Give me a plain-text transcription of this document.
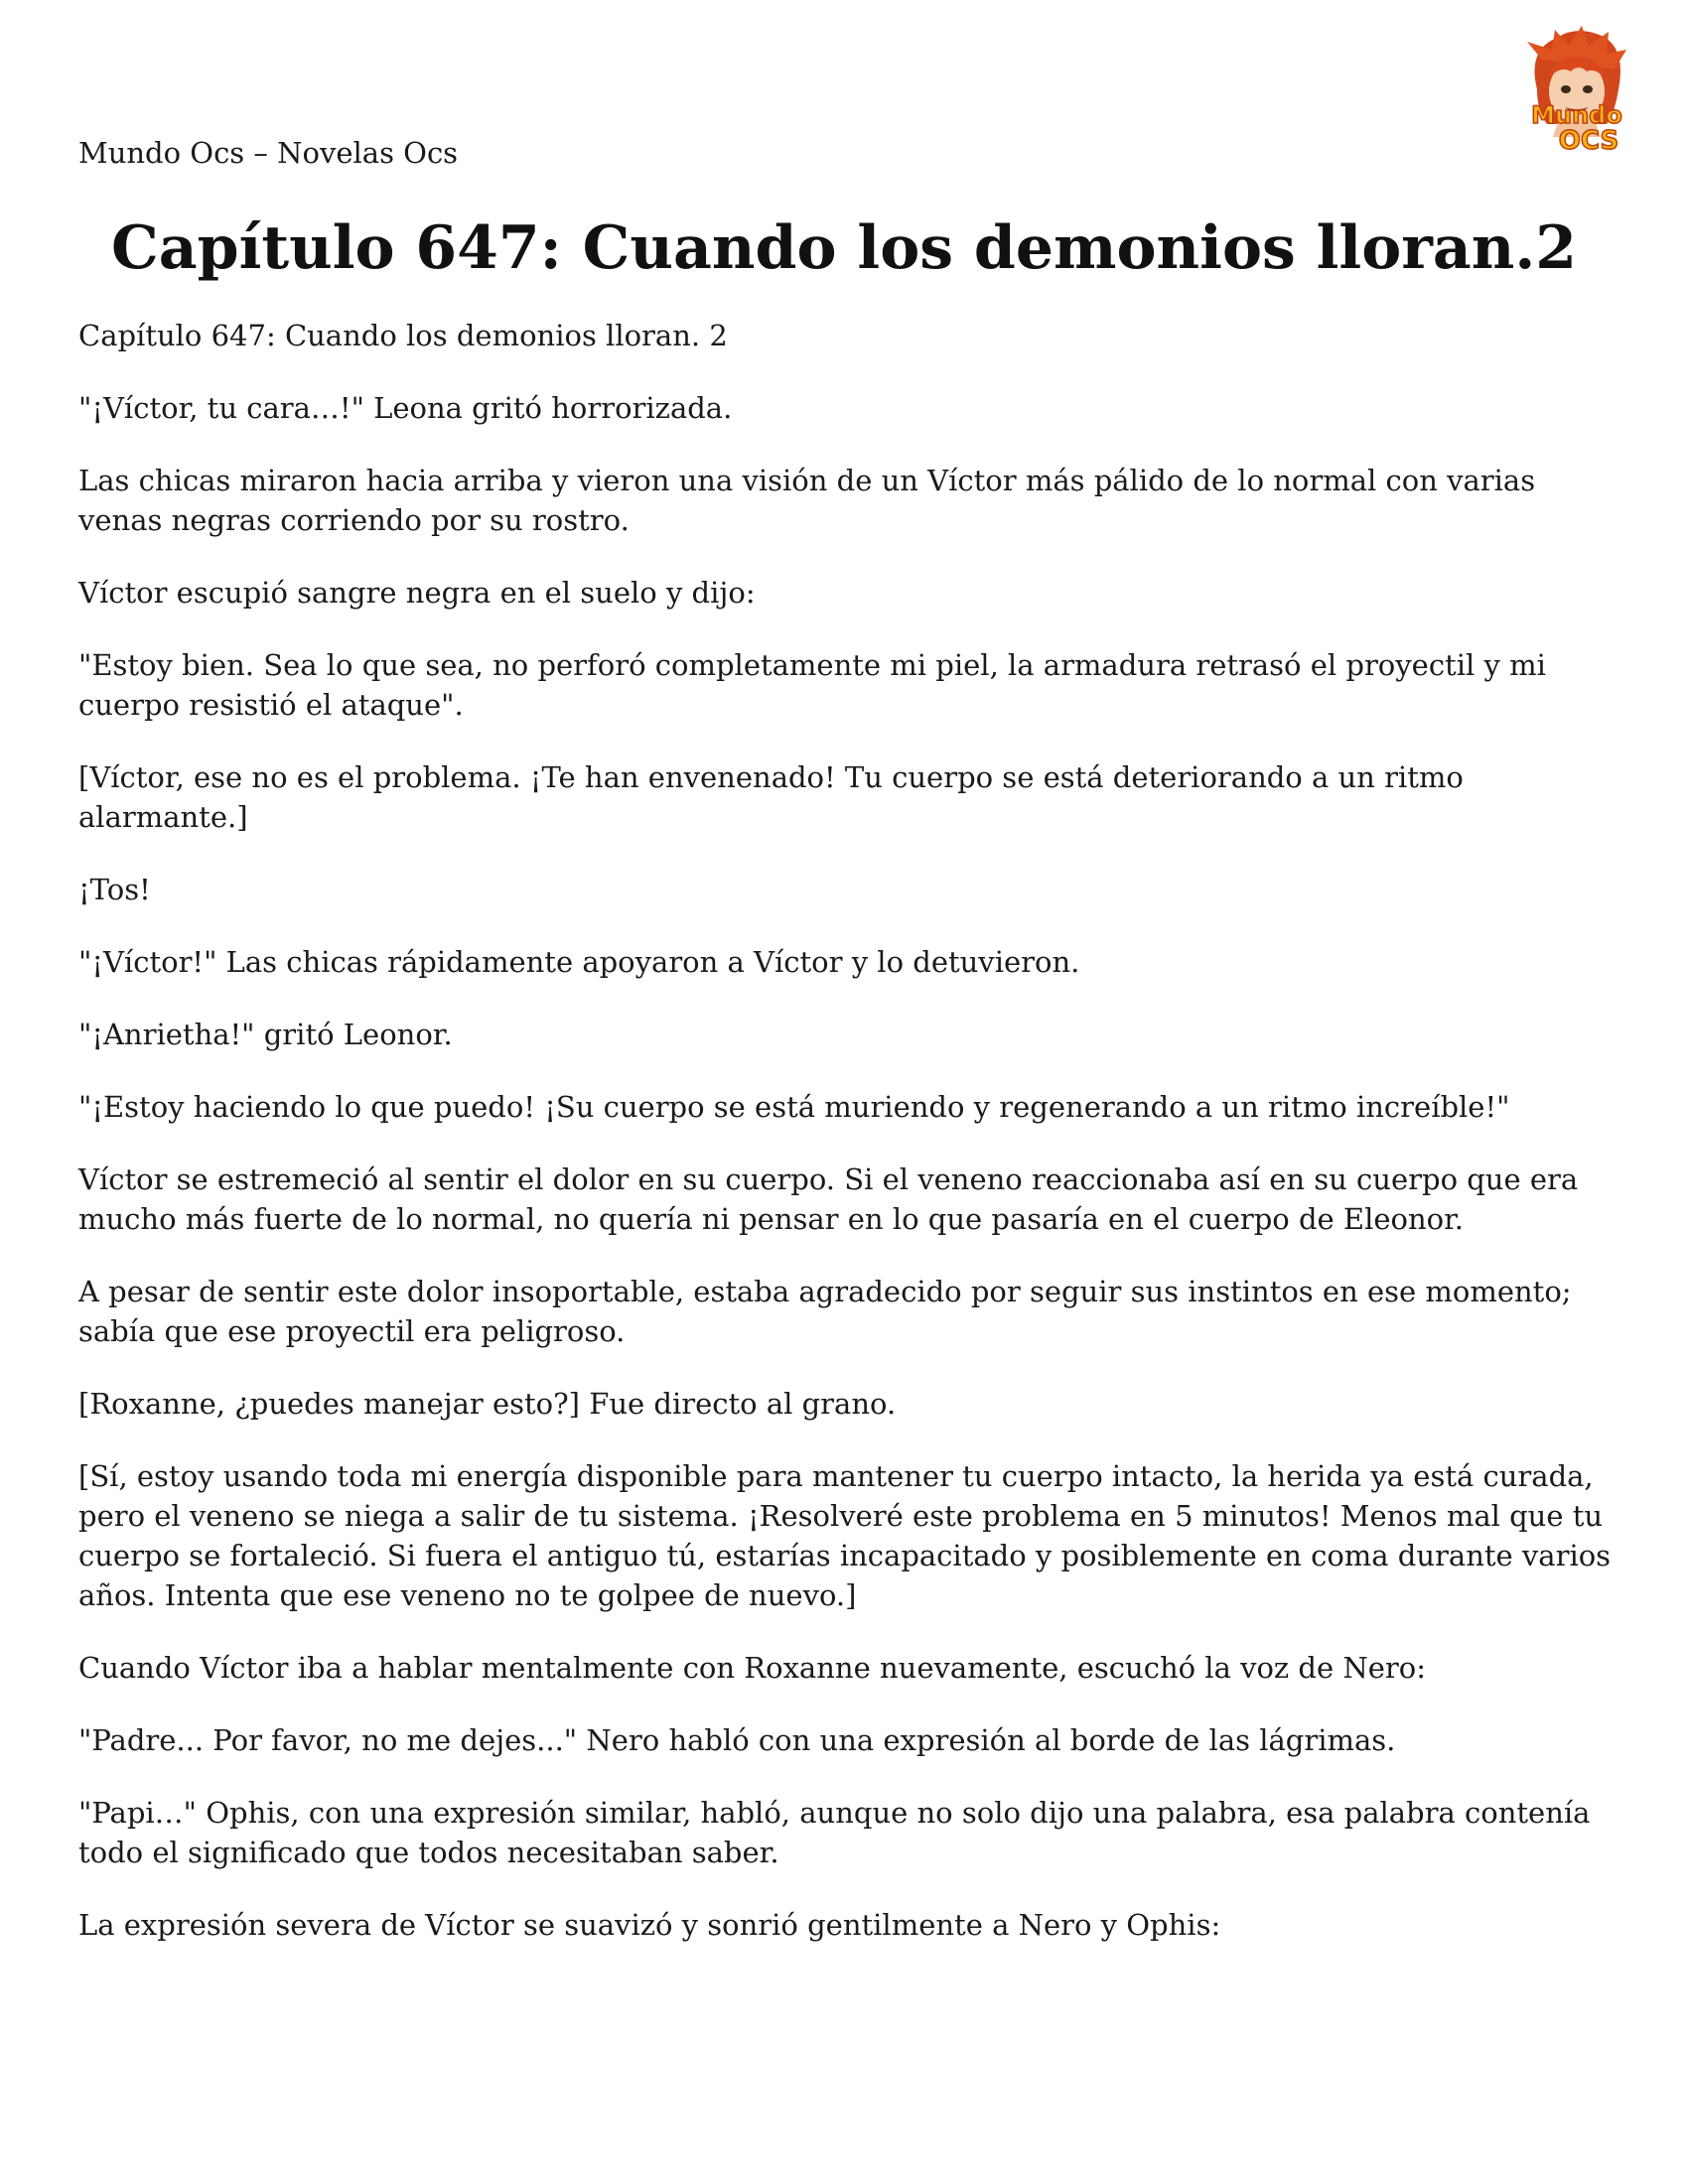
Mundo Ocs – Novelas Ocs
Mundo
OCS
Capítulo 647: Cuando los demonios lloran.2

Capítulo 647: Cuando los demonios lloran. 2

"¡Víctor, tu cara…!" Leona gritó horrorizada.

Las chicas miraron hacia arriba y vieron una visión de un Víctor más pálido de lo normal con varias venas negras corriendo por su rostro.

Víctor escupió sangre negra en el suelo y dijo:

"Estoy bien. Sea lo que sea, no perforó completamente mi piel, la armadura retrasó el proyectil y mi cuerpo resistió el ataque".

[Víctor, ese no es el problema. ¡Te han envenenado! Tu cuerpo se está deteriorando a un ritmo alarmante.]

¡Tos!

"¡Víctor!" Las chicas rápidamente apoyaron a Víctor y lo detuvieron.

"¡Anrietha!" gritó Leonor.

"¡Estoy haciendo lo que puedo! ¡Su cuerpo se está muriendo y regenerando a un ritmo increíble!"

Víctor se estremeció al sentir el dolor en su cuerpo. Si el veneno reaccionaba así en su cuerpo que era mucho más fuerte de lo normal, no quería ni pensar en lo que pasaría en el cuerpo de Eleonor.

A pesar de sentir este dolor insoportable, estaba agradecido por seguir sus instintos en ese momento; sabía que ese proyectil era peligroso.

[Roxanne, ¿puedes manejar esto?] Fue directo al grano.

[Sí, estoy usando toda mi energía disponible para mantener tu cuerpo intacto, la herida ya está curada, pero el veneno se niega a salir de tu sistema. ¡Resolveré este problema en 5 minutos! Menos mal que tu cuerpo se fortaleció. Si fuera el antiguo tú, estarías incapacitado y posiblemente en coma durante varios años. Intenta que ese veneno no te golpee de nuevo.]

Cuando Víctor iba a hablar mentalmente con Roxanne nuevamente, escuchó la voz de Nero:

"Padre... Por favor, no me dejes..." Nero habló con una expresión al borde de las lágrimas.

"Papi…" Ophis, con una expresión similar, habló, aunque no solo dijo una palabra, esa palabra contenía todo el significado que todos necesitaban saber.

La expresión severa de Víctor se suavizó y sonrió gentilmente a Nero y Ophis:
